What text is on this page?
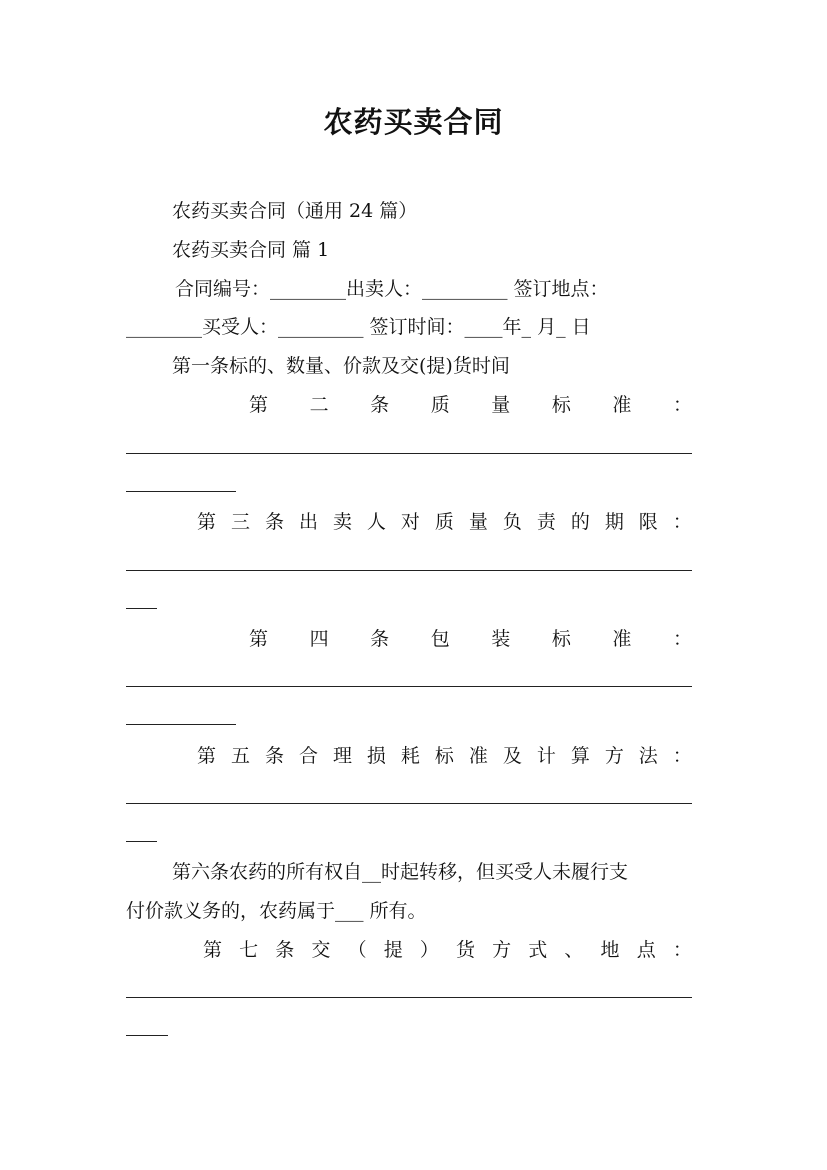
农药买卖合同
农药买卖合同（通用 24 篇）
农药买卖合同 篇 1
合同编号：________出卖人：_________ 签订地点：
________买受人：_________ 签订时间：____年_ 月_ 日
第一条标的、数量、价款及交(提)货时间
第 二 条 质 量 标 准 ：
第 三 条 出 卖 人 对 质 量 负 责 的 期 限 ：
第 四 条 包 装 标 准 ：
第 五 条 合 理 损 耗 标 准 及 计 算 方 法 ：
第六条农药的所有权自__时起转移，但买受人未履行支
付价款义务的，农药属于___ 所有。
第 七 条 交 （ 提 ） 货 方 式 、 地 点 ：
